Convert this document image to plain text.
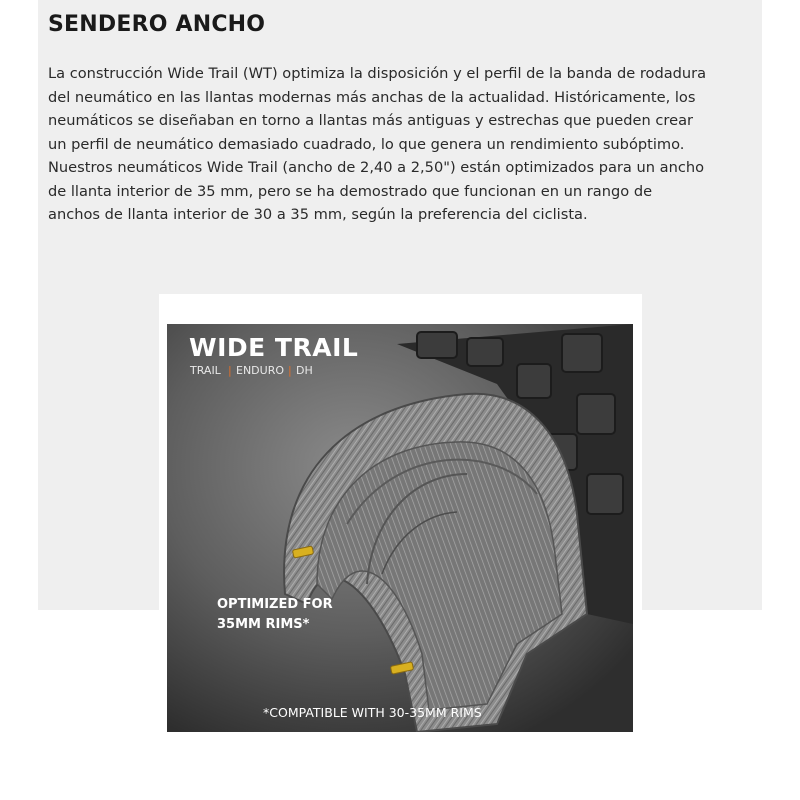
SENDERO ANCHO

La construcción Wide Trail (WT) optimiza la disposición y el perfil de la banda de rodadura del neumático en las llantas modernas más anchas de la actualidad. Históricamente, los neumáticos se diseñaban en torno a llantas más antiguas y estrechas que pueden crear un perfil de neumático demasiado cuadrado, lo que genera un rendimiento subóptimo. Nuestros neumáticos Wide Trail (ancho de 2,40 a 2,50") están optimizados para un ancho de llanta interior de 35 mm, pero se ha demostrado que funcionan en un rango de anchos de llanta interior de 30 a 35 mm, según la preferencia del ciclista.

WIDE TRAIL
TRAIL | ENDURO | DH
OPTIMIZED FOR
35MM RIMS*
*COMPATIBLE WITH 30-35MM RIMS
